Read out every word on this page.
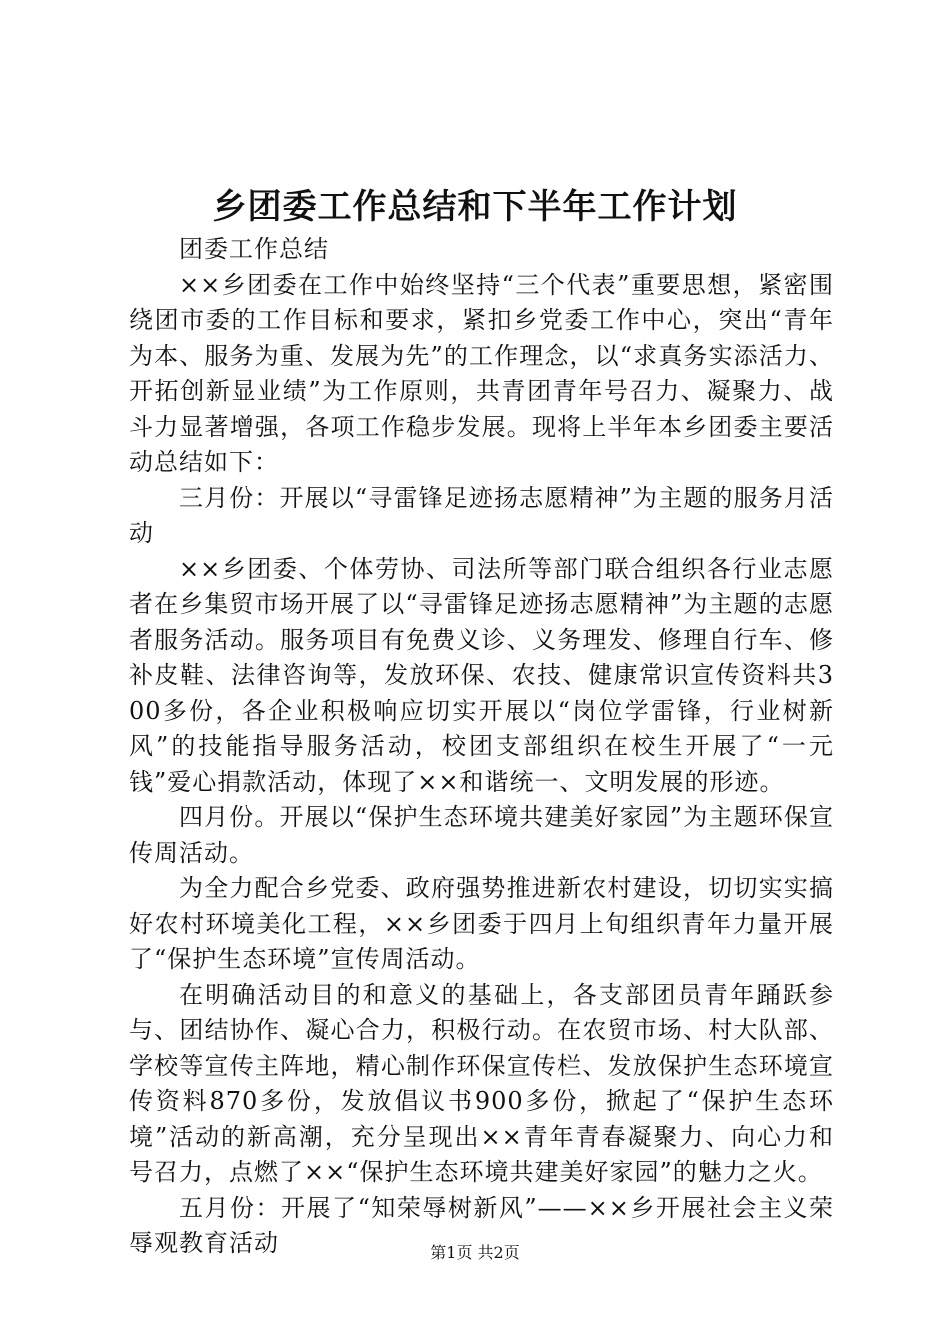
乡团委工作总结和下半年工作计划

团委工作总结

××乡团委在工作中始终坚持“三个代表”重要思想，紧密围绕团市委的工作目标和要求，紧扣乡党委工作中心，突出“青年为本、服务为重、发展为先”的工作理念，以“求真务实添活力、开拓创新显业绩”为工作原则，共青团青年号召力、凝聚力、战斗力显著增强，各项工作稳步发展。现将上半年本乡团委主要活动总结如下：

三月份：开展以“寻雷锋足迹扬志愿精神”为主题的服务月活动

××乡团委、个体劳协、司法所等部门联合组织各行业志愿者在乡集贸市场开展了以“寻雷锋足迹扬志愿精神”为主题的志愿者服务活动。服务项目有免费义诊、义务理发、修理自行车、修补皮鞋、法律咨询等，发放环保、农技、健康常识宣传资料共300多份，各企业积极响应切实开展以“岗位学雷锋，行业树新风”的技能指导服务活动，校团支部组织在校生开展了“一元钱”爱心捐款活动，体现了××和谐统一、文明发展的形迹。

四月份。开展以“保护生态环境共建美好家园”为主题环保宣传周活动。

为全力配合乡党委、政府强势推进新农村建设，切切实实搞好农村环境美化工程，××乡团委于四月上旬组织青年力量开展了“保护生态环境”宣传周活动。

在明确活动目的和意义的基础上，各支部团员青年踊跃参与、团结协作、凝心合力，积极行动。在农贸市场、村大队部、学校等宣传主阵地，精心制作环保宣传栏、发放保护生态环境宣传资料870多份，发放倡议书900多份，掀起了“保护生态环境”活动的新高潮，充分呈现出××青年青春凝聚力、向心力和号召力，点燃了××“保护生态环境共建美好家园”的魅力之火。

五月份：开展了“知荣辱树新风”——××乡开展社会主义荣辱观教育活动	第1页 共2页
